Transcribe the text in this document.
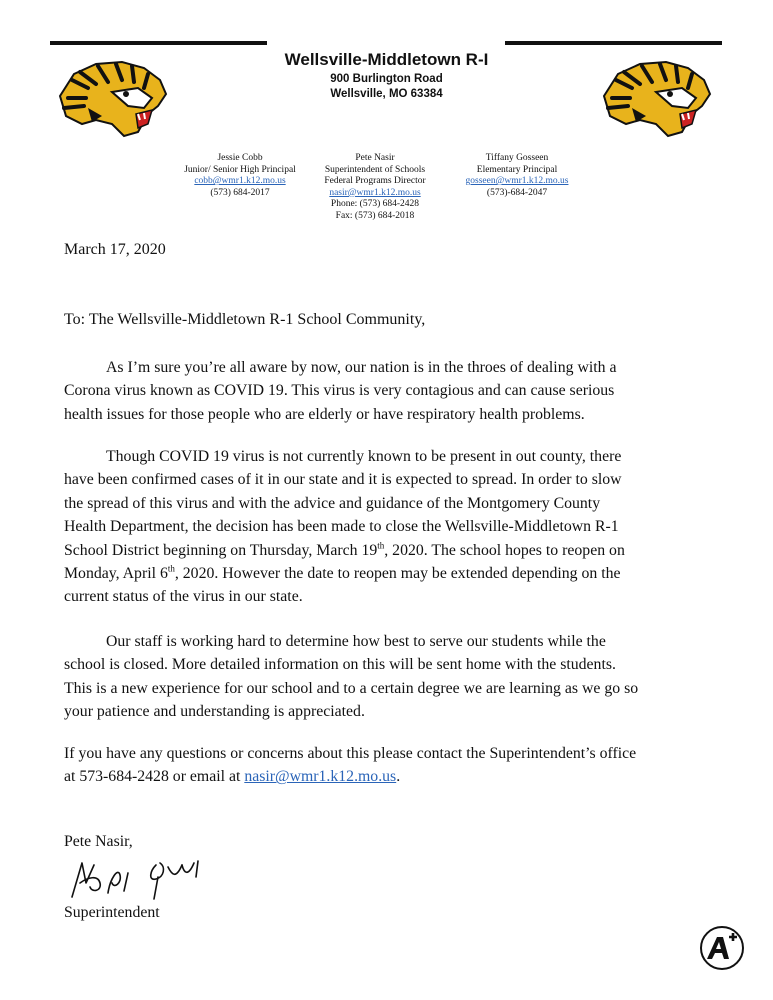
Wellsville-Middletown R-I
900 Burlington Road
Wellsville, MO 63384
Jessie Cobb
Junior/ Senior High Principal
cobb@wmr1.k12.mo.us
(573) 684-2017
Pete Nasir
Superintendent of Schools
Federal Programs Director
nasir@wmr1.k12.mo.us
Phone: (573) 684-2428
Fax: (573) 684-2018
Tiffany Gosseen
Elementary Principal
gosseen@wmr1.k12.mo.us
(573)-684-2047

March 17, 2020

To: The Wellsville-Middletown R-1 School Community,

As I’m sure you’re all aware by now, our nation is in the throes of dealing with a
Corona virus known as COVID 19. This virus is very contagious and can cause serious
health issues for those people who are elderly or have respiratory health problems.

Though COVID 19 virus is not currently known to be present in out county, there
have been confirmed cases of it in our state and it is expected to spread. In order to slow
the spread of this virus and with the advice and guidance of the Montgomery County
Health Department, the decision has been made to close the Wellsville-Middletown R-1
School District beginning on Thursday, March 19th, 2020. The school hopes to reopen on
Monday, April 6th, 2020. However the date to reopen may be extended depending on the
current status of the virus in our state.

Our staff is working hard to determine how best to serve our students while the
school is closed. More detailed information on this will be sent home with the students.
This is a new experience for our school and to a certain degree we are learning as we go so
your patience and understanding is appreciated.

If you have any questions or concerns about this please contact the Superintendent’s office
at 573-684-2428 or email at nasir@wmr1.k12.mo.us.

Pete Nasir,

Superintendent
